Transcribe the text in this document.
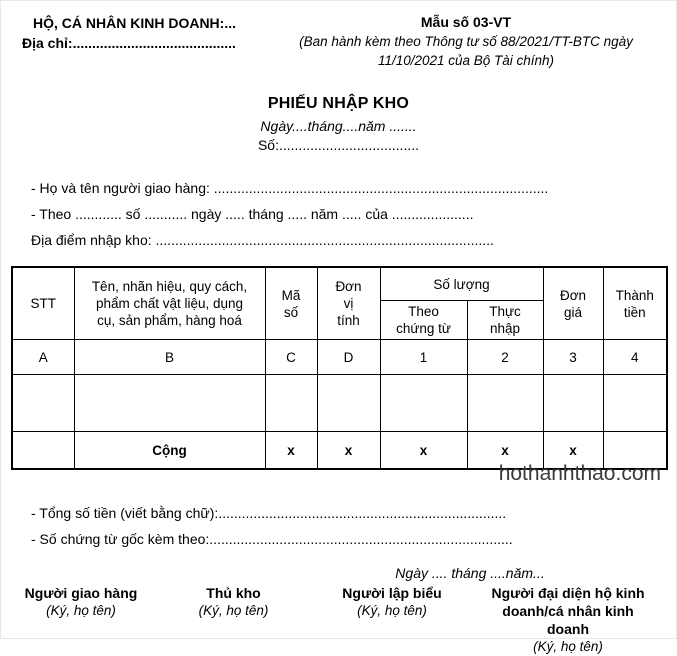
HỘ, CÁ NHÂN KINH DOANH:...
Địa chỉ:..........................................
Mẫu số 03-VT
(Ban hành kèm theo Thông tư số 88/2021/TT-BTC ngày 11/10/2021 của Bộ Tài chính)
PHIẾU NHẬP KHO
Ngày....tháng....năm .......
Số:....................................
- Họ và tên người giao hàng: ......................................................................................
- Theo ............ số ........... ngày ..... tháng ..... năm ..... của .....................
Địa điểm nhập kho: .......................................................................................
STT	Tên, nhãn hiệu, quy cách, phẩm chất vật liệu, dụng cụ, sản phẩm, hàng hoá	Mã số	Đơn vị tính	Số lượng		Đơn giá	Thành tiền
				Theo chứng từ	Thực nhập		
A	B	C	D	1	2	3	4

	Cộng	x	x	x	x	x	
hothanhthao.com
- Tổng số tiền (viết bằng chữ):..........................................................................
- Số chứng từ gốc kèm theo:..............................................................................
Ngày .... tháng ....năm...
Người giao hàng
(Ký, họ tên)
Thủ kho
(Ký, họ tên)
Người lập biểu
(Ký, họ tên)
Người đại diện hộ kinh doanh/cá nhân kinh doanh
(Ký, họ tên)
